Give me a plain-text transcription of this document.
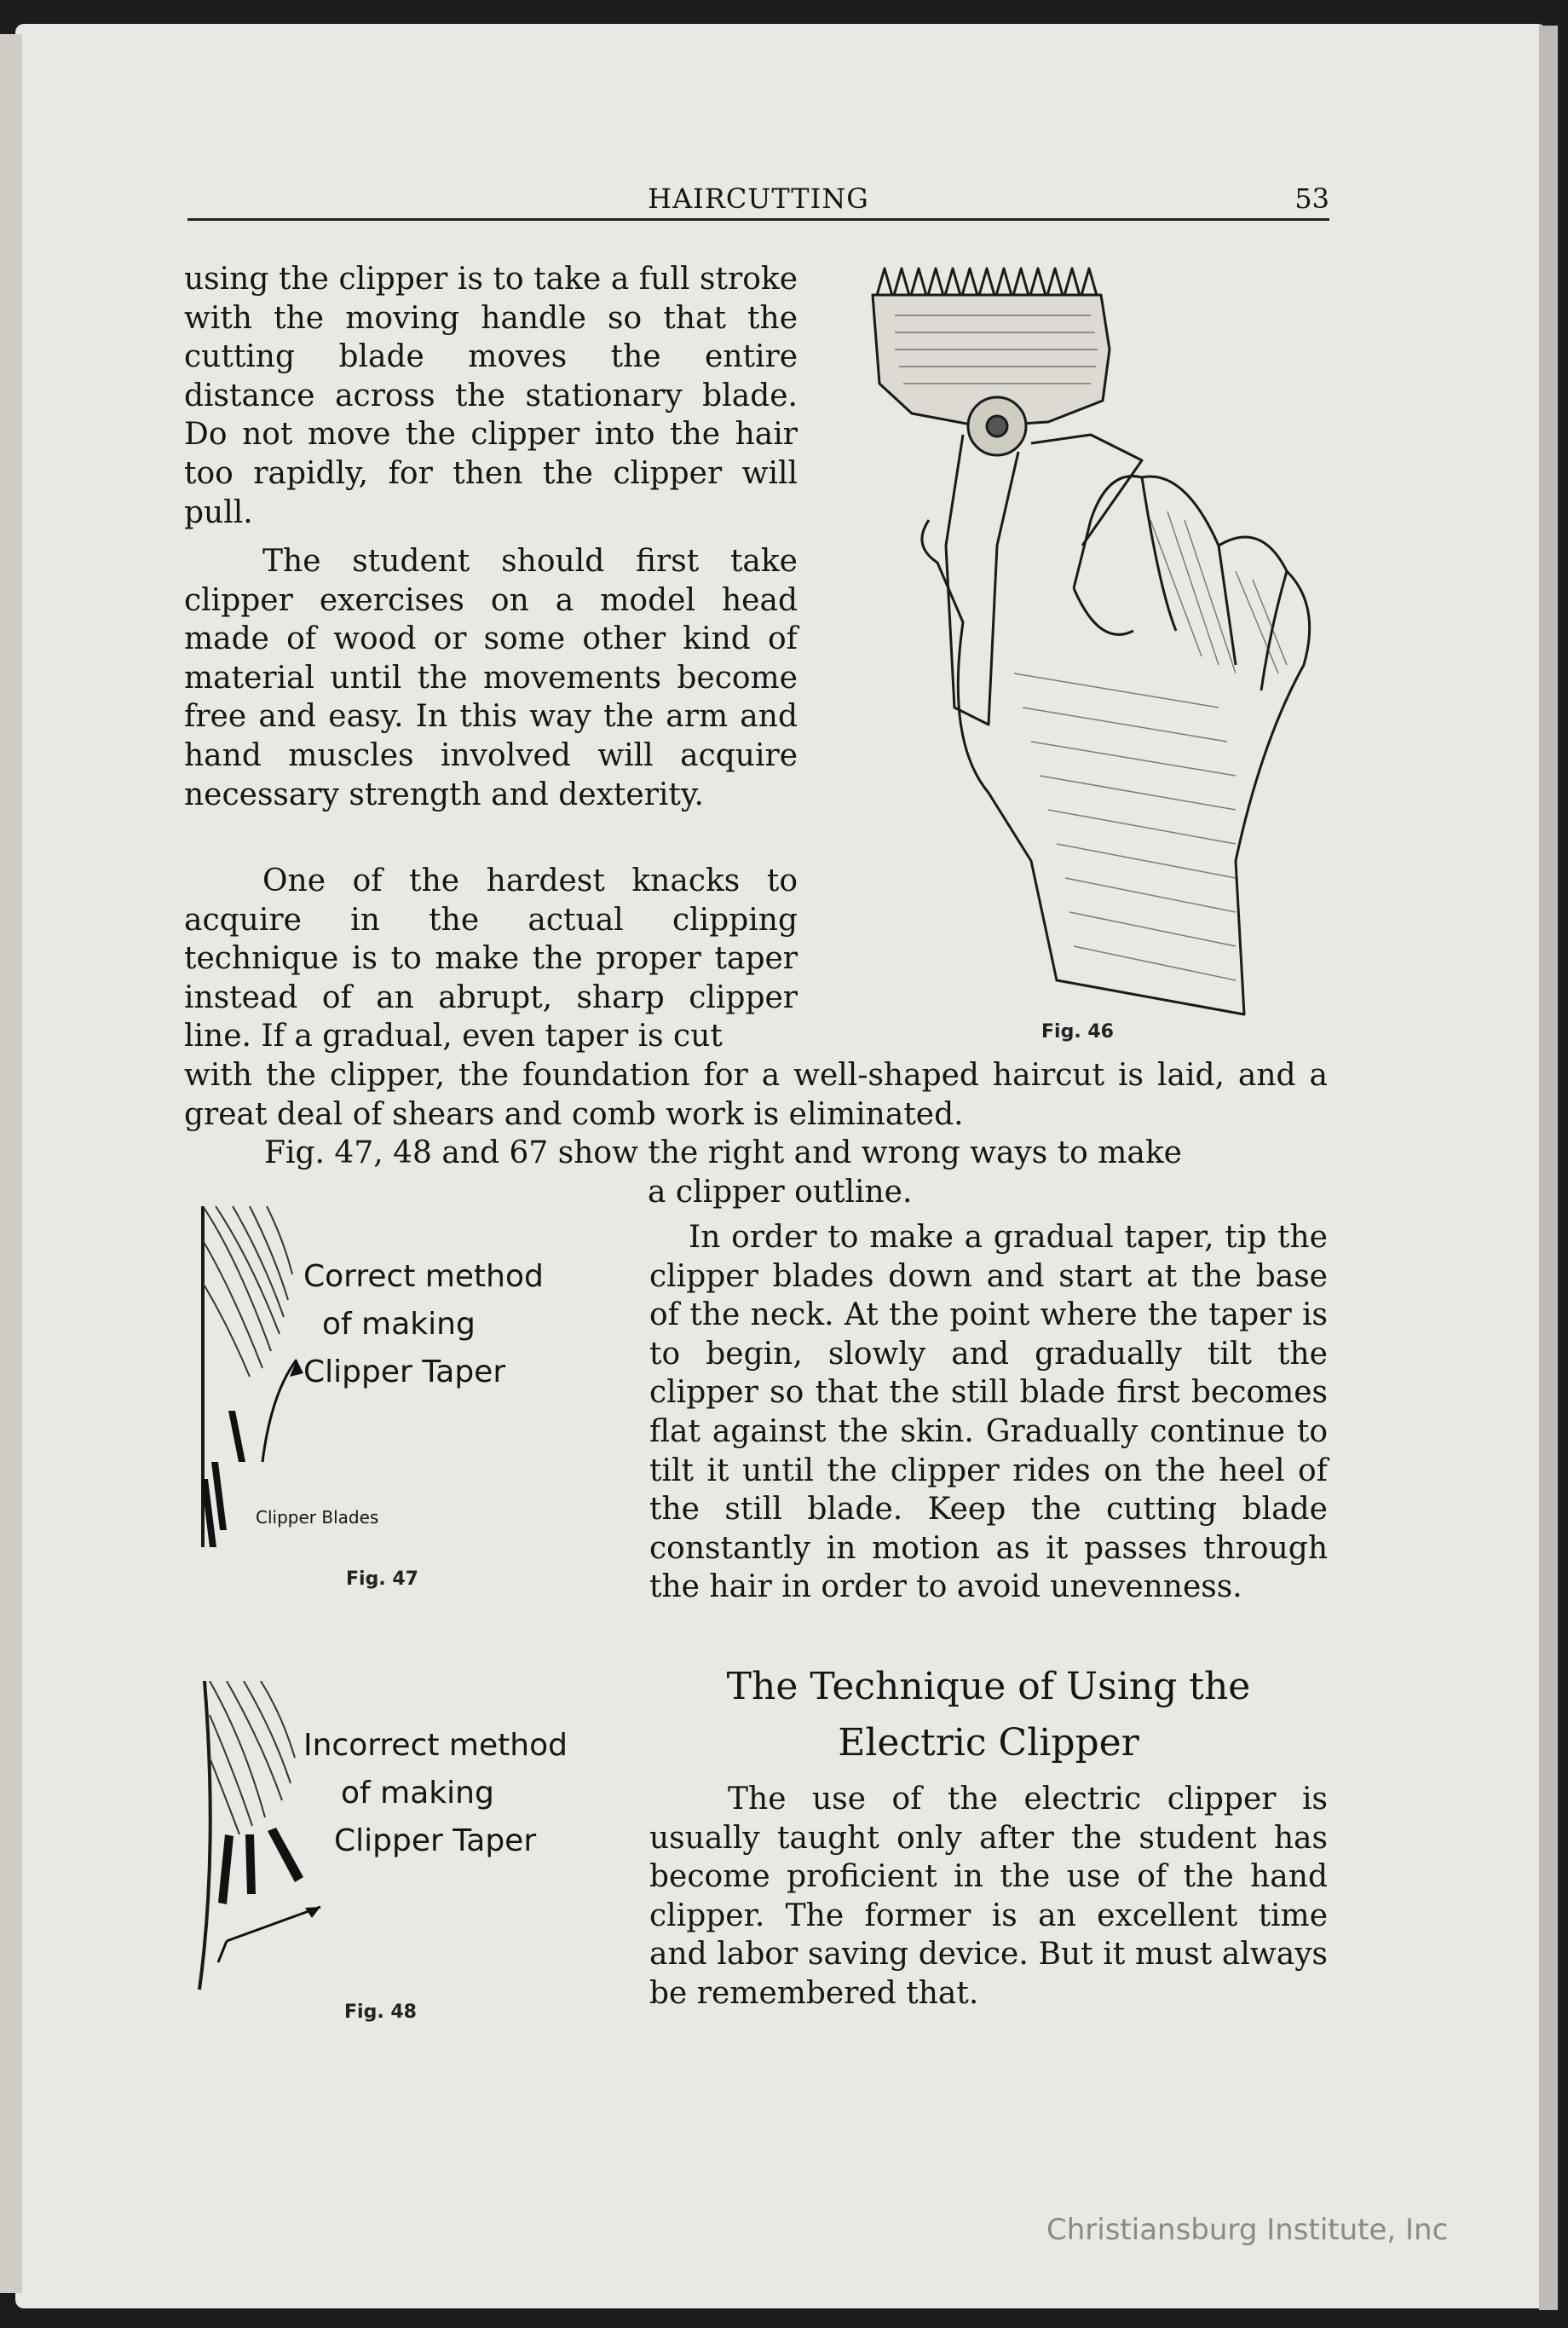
HAIRCUTTING	53

using the clipper is to take a full stroke with the moving handle so that the cutting blade moves the entire distance across the stationary blade. Do not move the clipper into the hair too rapidly, for then the clipper will pull.

The student should first take clipper exercises on a model head made of wood or some other kind of material until the movements become free and easy. In this way the arm and hand muscles involved will acquire necessary strength and dexterity.

One of the hardest knacks to acquire in the actual clipping technique is to make the proper taper instead of an abrupt, sharp clipper line. If a gradual, even taper is cut

with the clipper, the foundation for a well-shaped haircut is laid, and a great deal of shears and comb work is eliminated.

Fig. 47, 48 and 67 show the right and wrong ways to make

a clipper outline.

In order to make a gradual taper, tip the clipper blades down and start at the base of the neck. At the point where the taper is to begin, slowly and gradually tilt the clipper so that the still blade first becomes flat against the skin. Gradually continue to tilt it until the clipper rides on the heel of the still blade. Keep the cutting blade constantly in motion as it passes through the hair in order to avoid unevenness.

The Technique of Using the
Electric Clipper

The use of the electric clipper is usually taught only after the student has become proficient in the use of the hand clipper. The former is an excellent time and labor saving device. But it must always be remembered that.

Fig. 46
Correct method
of making
Clipper Taper
Clipper Blades
Fig. 47
Incorrect method
of making
Clipper Taper
Fig. 48
Christiansburg Institute, Inc
